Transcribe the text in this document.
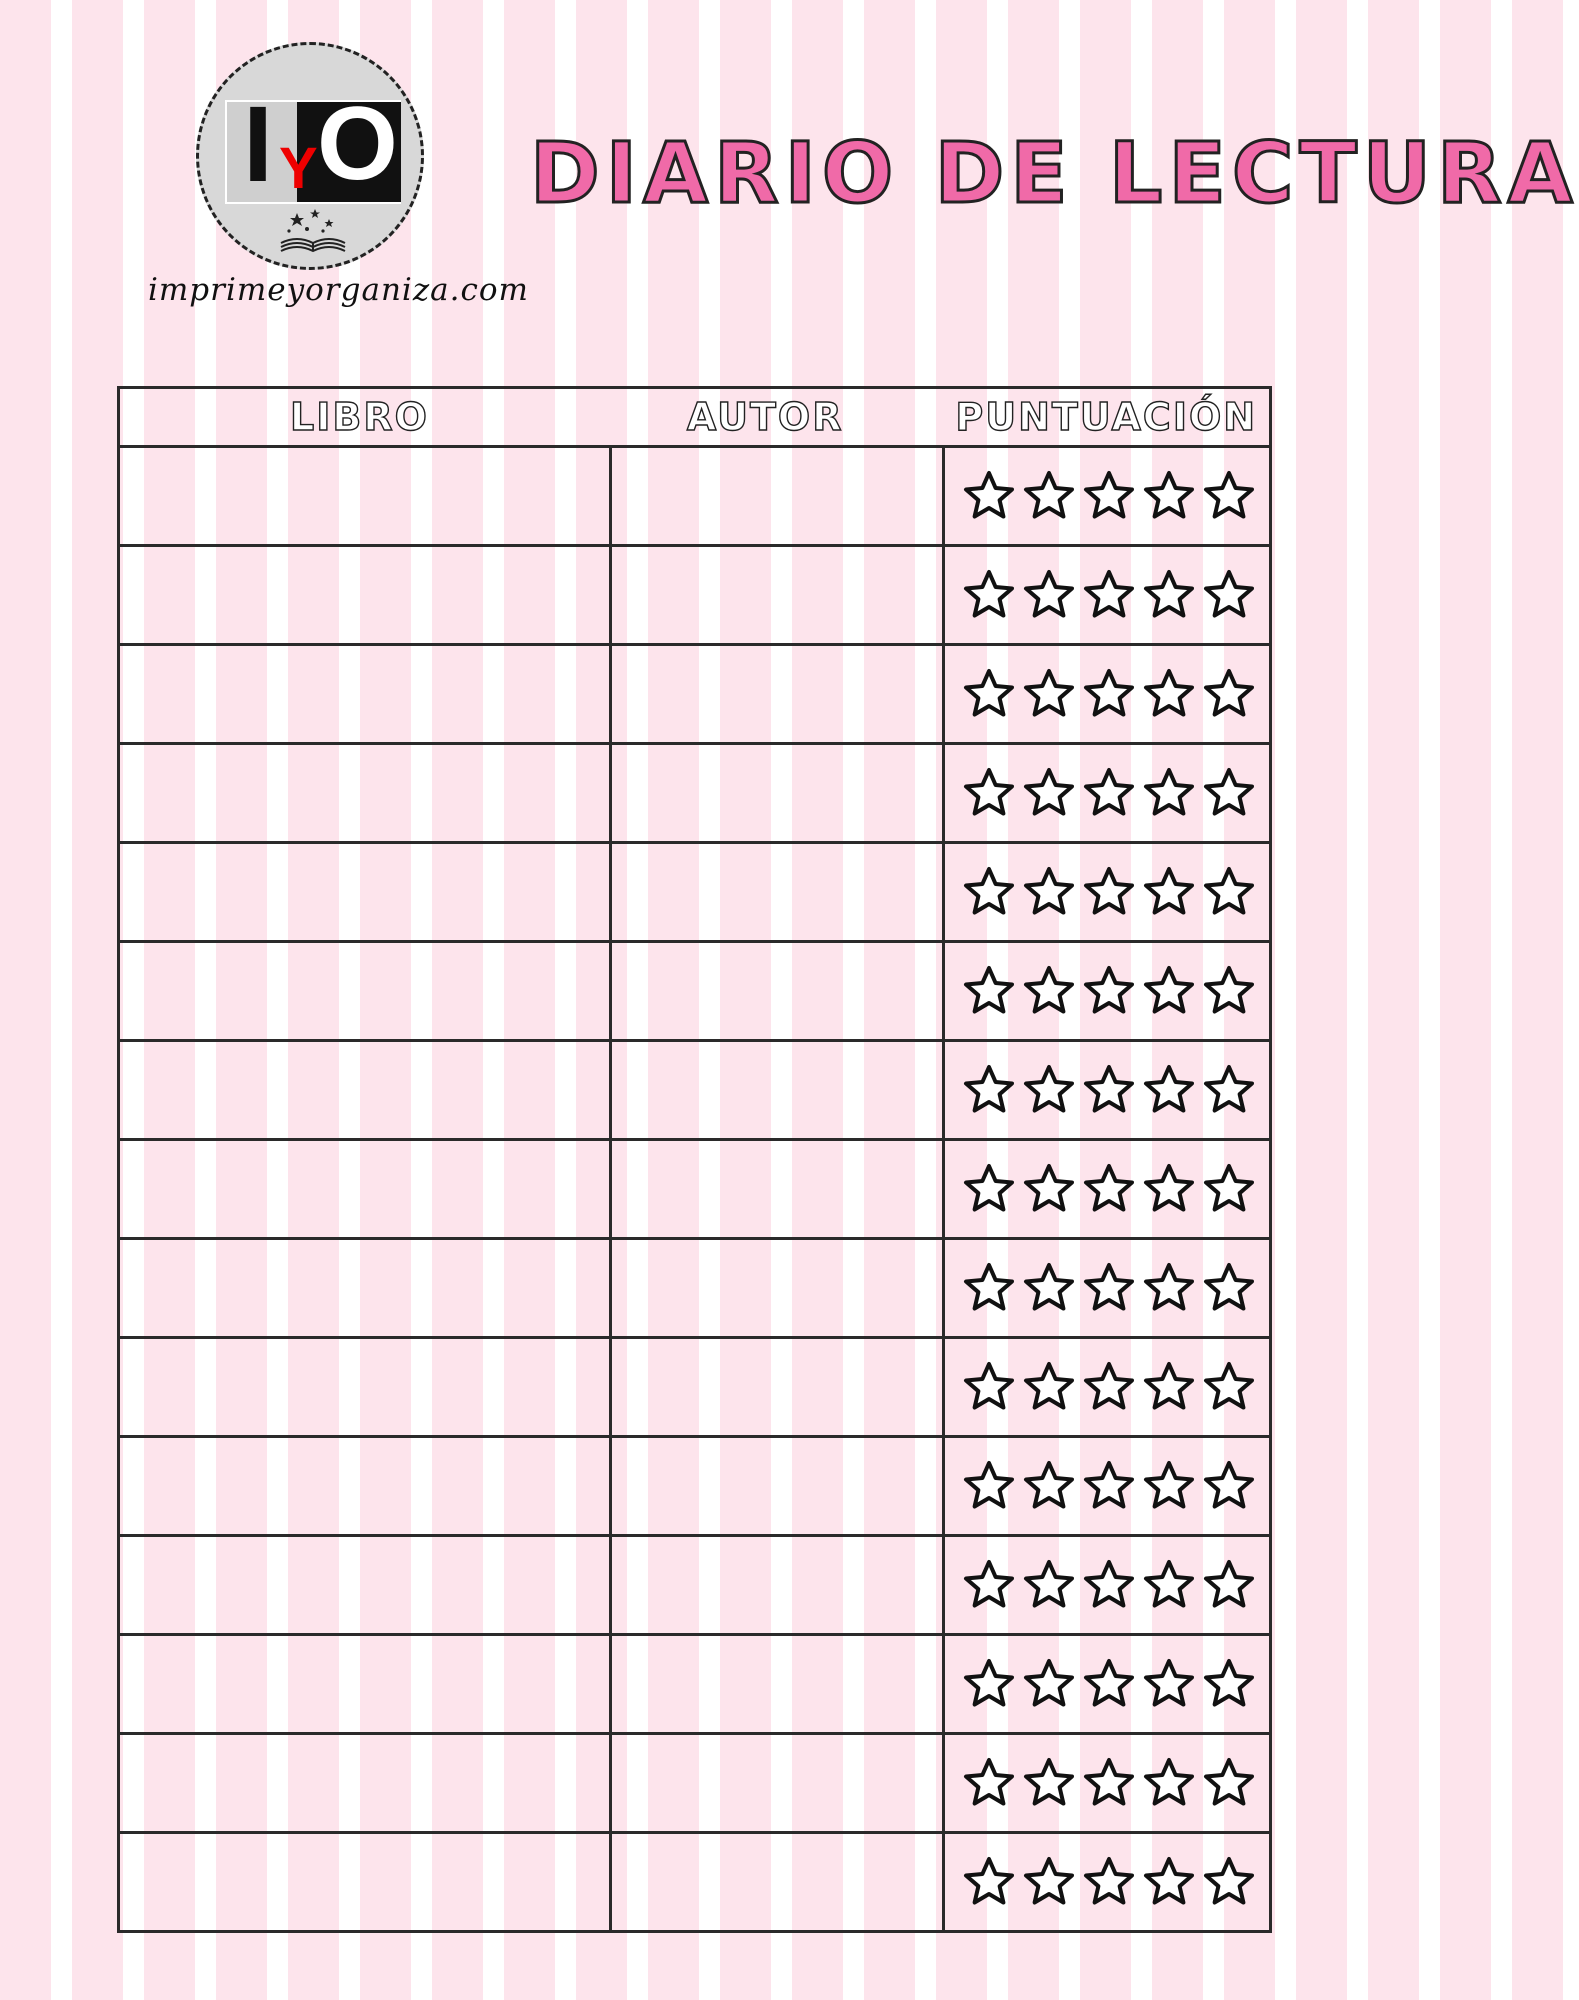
I Y O
imprimeyorganiza.com
DIARIO DE LECTURA
LIBRO	AUTOR	PUNTUACIÓN
